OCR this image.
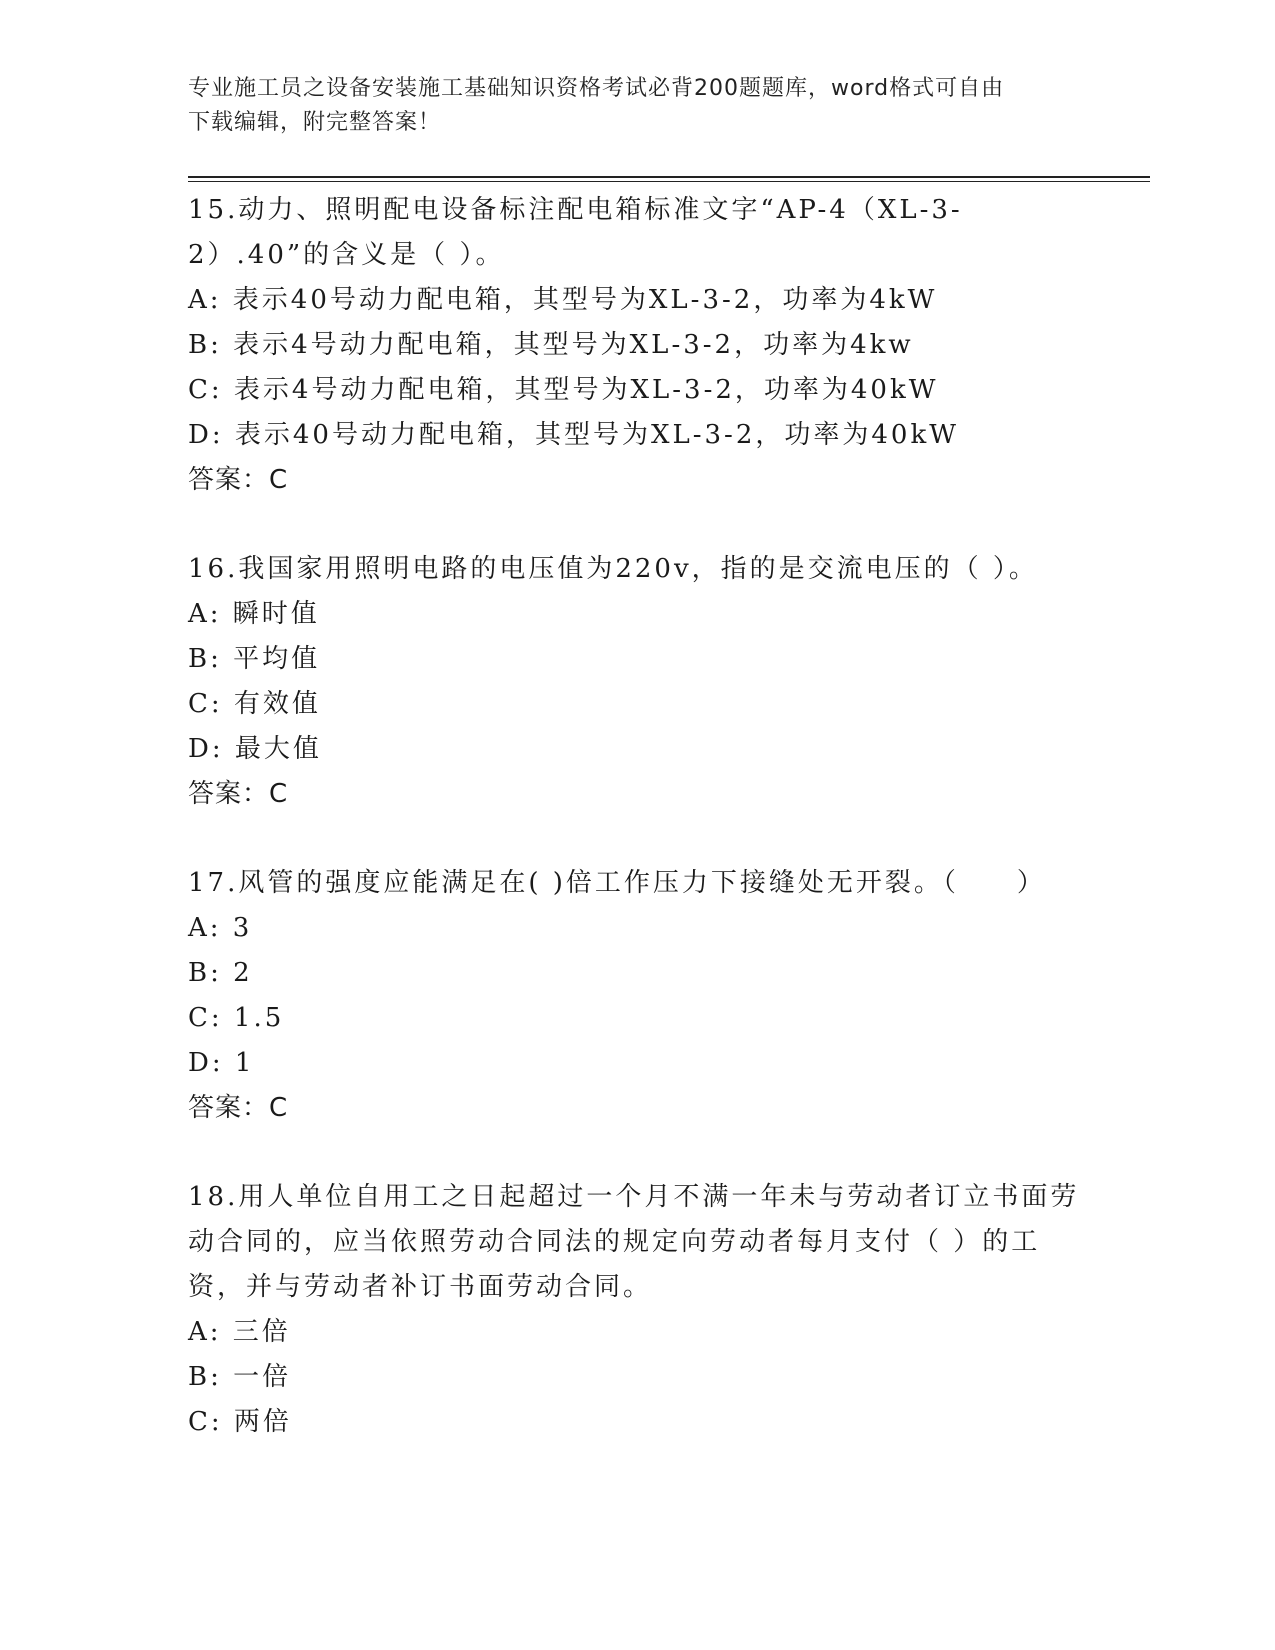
专业施工员之设备安装施工基础知识资格考试必背200题题库，word格式可自由
下载编辑，附完整答案！

15.动力、照明配电设备标注配电箱标准文字“AP-4（XL-3-2）.40”的含义是（ ）。

A: 表示40号动力配电箱，其型号为XL-3-2，功率为4kW

B: 表示4号动力配电箱，其型号为XL-3-2，功率为4kw

C: 表示4号动力配电箱，其型号为XL-3-2，功率为40kW

D: 表示40号动力配电箱，其型号为XL-3-2，功率为40kW

答案：C

16.我国家用照明电路的电压值为220v，指的是交流电压的（ ）。

A: 瞬时值

B: 平均值

C: 有效值

D: 最大值

答案：C

17.风管的强度应能满足在( )倍工作压力下接缝处无开裂。（　　）

A: 3

B: 2

C: 1.5

D: 1

答案：C

18.用人单位自用工之日起超过一个月不满一年未与劳动者订立书面劳动合同的，应当依照劳动合同法的规定向劳动者每月支付（ ）的工资，并与劳动者补订书面劳动合同。

A: 三倍

B: 一倍

C: 两倍
